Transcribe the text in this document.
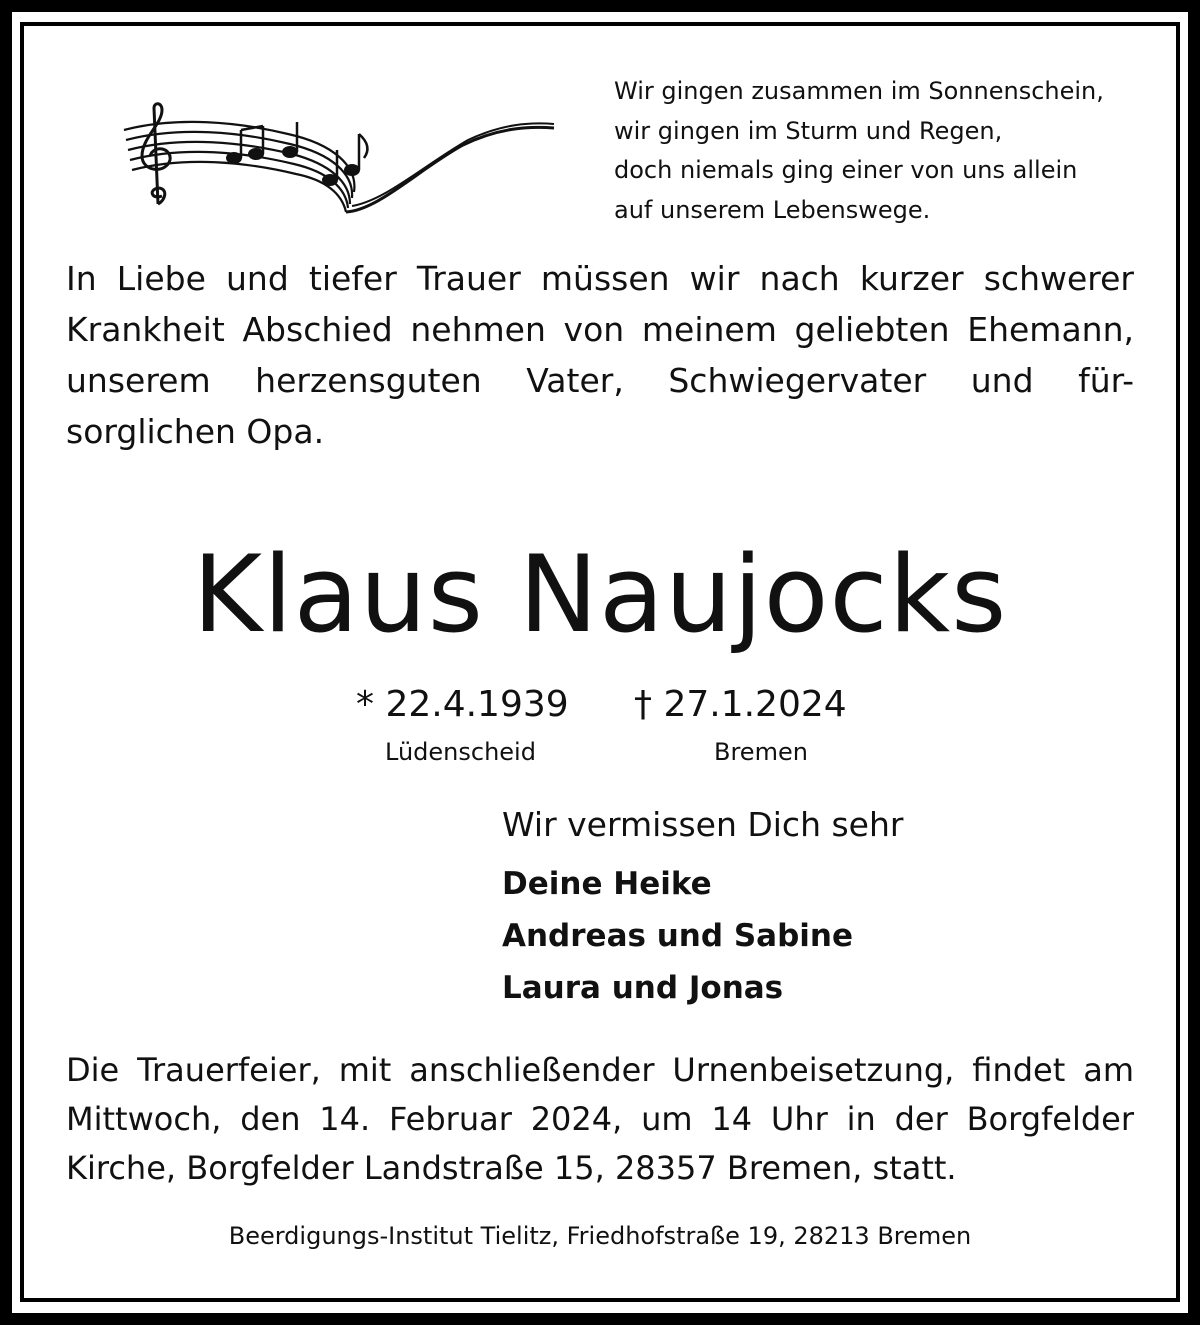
Wir gingen zusammen im Sonnenschein,
wir gingen im Sturm und Regen,
doch niemals ging einer von uns allein
auf unserem Lebenswege.
In Liebe und tiefer Trauer müssen wir nach kurzer schwerer
Krankheit Abschied nehmen von meinem geliebten Ehemann,
unserem herzensguten Vater, Schwiegervater und für-
sorglichen Opa.
Klaus Naujocks
* 22.4.1939
Lüdenscheid
† 27.1.2024
Bremen
Wir vermissen Dich sehr
Deine Heike
Andreas und Sabine
Laura und Jonas
Die Trauerfeier, mit anschließender Urnenbeisetzung, findet am
Mittwoch, den 14. Februar 2024, um 14 Uhr in der Borgfelder
Kirche, Borgfelder Landstraße 15, 28357 Bremen, statt.
Beerdigungs-Institut Tielitz, Friedhofstraße 19, 28213 Bremen
